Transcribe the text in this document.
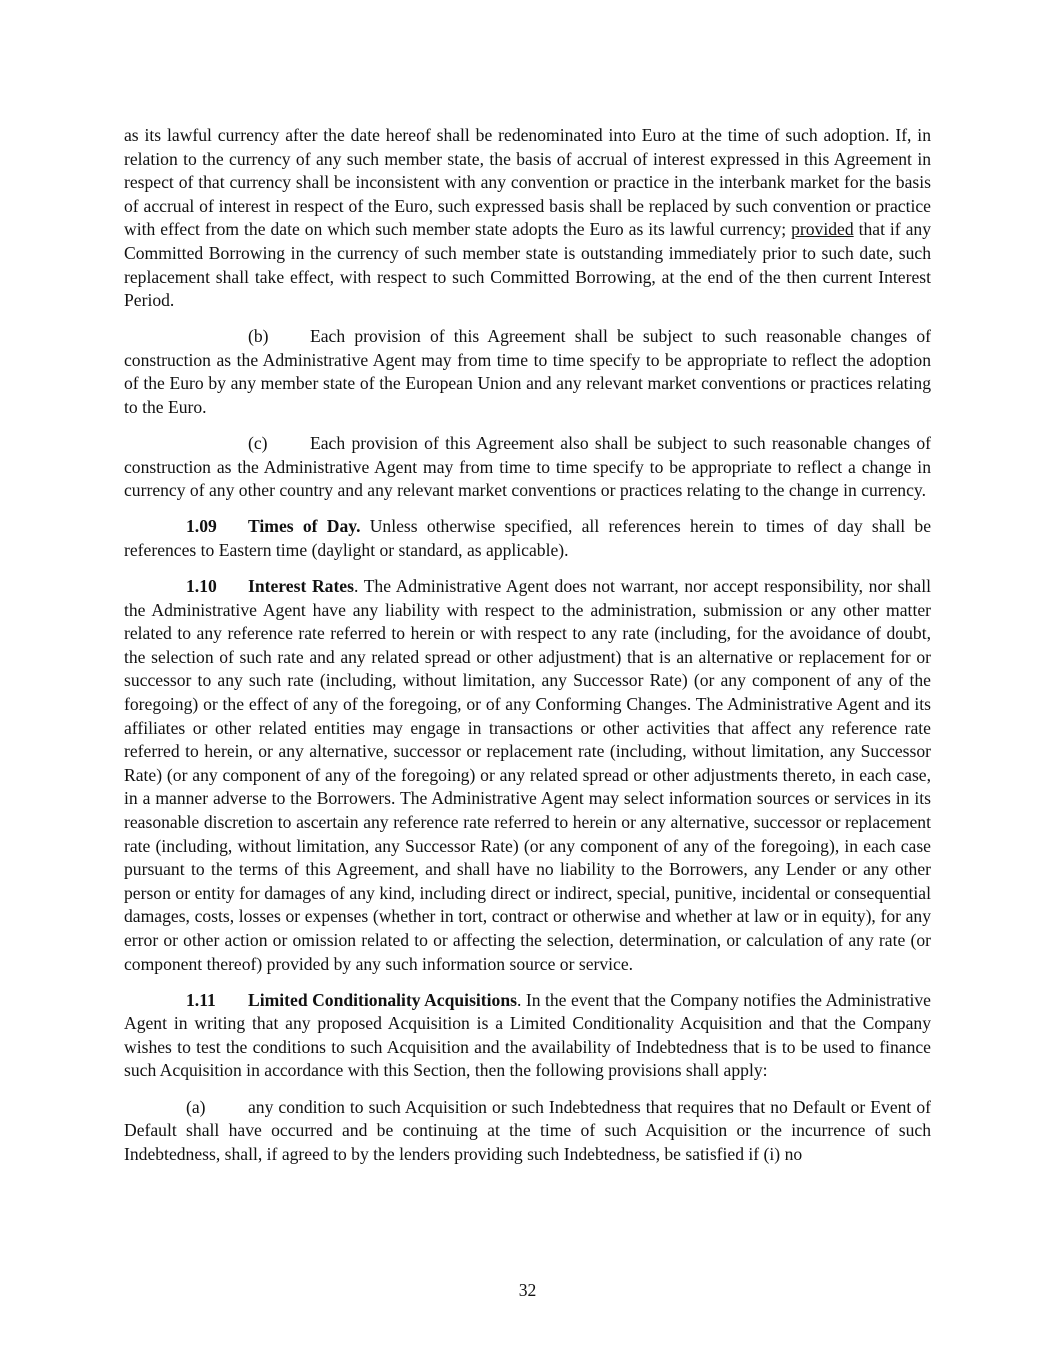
as its lawful currency after the date hereof shall be redenominated into Euro at the time of such adoption. If, in relation to the currency of any such member state, the basis of accrual of interest expressed in this Agreement in respect of that currency shall be inconsistent with any convention or practice in the interbank market for the basis of accrual of interest in respect of the Euro, such expressed basis shall be replaced by such convention or practice with effect from the date on which such member state adopts the Euro as its lawful currency; provided that if any Committed Borrowing in the currency of such member state is outstanding immediately prior to such date, such replacement shall take effect, with respect to such Committed Borrowing, at the end of the then current Interest Period.

(b) Each provision of this Agreement shall be subject to such reasonable changes of construction as the Administrative Agent may from time to time specify to be appropriate to reflect the adoption of the Euro by any member state of the European Union and any relevant market conventions or practices relating to the Euro.

(c) Each provision of this Agreement also shall be subject to such reasonable changes of construction as the Administrative Agent may from time to time specify to be appropriate to reflect a change in currency of any other country and any relevant market conventions or practices relating to the change in currency.

1.09 Times of Day. Unless otherwise specified, all references herein to times of day shall be references to Eastern time (daylight or standard, as applicable).

1.10 Interest Rates. The Administrative Agent does not warrant, nor accept responsibility, nor shall the Administrative Agent have any liability with respect to the administration, submission or any other matter related to any reference rate referred to herein or with respect to any rate (including, for the avoidance of doubt, the selection of such rate and any related spread or other adjustment) that is an alternative or replacement for or successor to any such rate (including, without limitation, any Successor Rate) (or any component of any of the foregoing) or the effect of any of the foregoing, or of any Conforming Changes. The Administrative Agent and its affiliates or other related entities may engage in transactions or other activities that affect any reference rate referred to herein, or any alternative, successor or replacement rate (including, without limitation, any Successor Rate) (or any component of any of the foregoing) or any related spread or other adjustments thereto, in each case, in a manner adverse to the Borrowers. The Administrative Agent may select information sources or services in its reasonable discretion to ascertain any reference rate referred to herein or any alternative, successor or replacement rate (including, without limitation, any Successor Rate) (or any component of any of the foregoing), in each case pursuant to the terms of this Agreement, and shall have no liability to the Borrowers, any Lender or any other person or entity for damages of any kind, including direct or indirect, special, punitive, incidental or consequential damages, costs, losses or expenses (whether in tort, contract or otherwise and whether at law or in equity), for any error or other action or omission related to or affecting the selection, determination, or calculation of any rate (or component thereof) provided by any such information source or service.

1.11 Limited Conditionality Acquisitions. In the event that the Company notifies the Administrative Agent in writing that any proposed Acquisition is a Limited Conditionality Acquisition and that the Company wishes to test the conditions to such Acquisition and the availability of Indebtedness that is to be used to finance such Acquisition in accordance with this Section, then the following provisions shall apply:

(a) any condition to such Acquisition or such Indebtedness that requires that no Default or Event of Default shall have occurred and be continuing at the time of such Acquisition or the incurrence of such Indebtedness, shall, if agreed to by the lenders providing such Indebtedness, be satisfied if (i) no

32
